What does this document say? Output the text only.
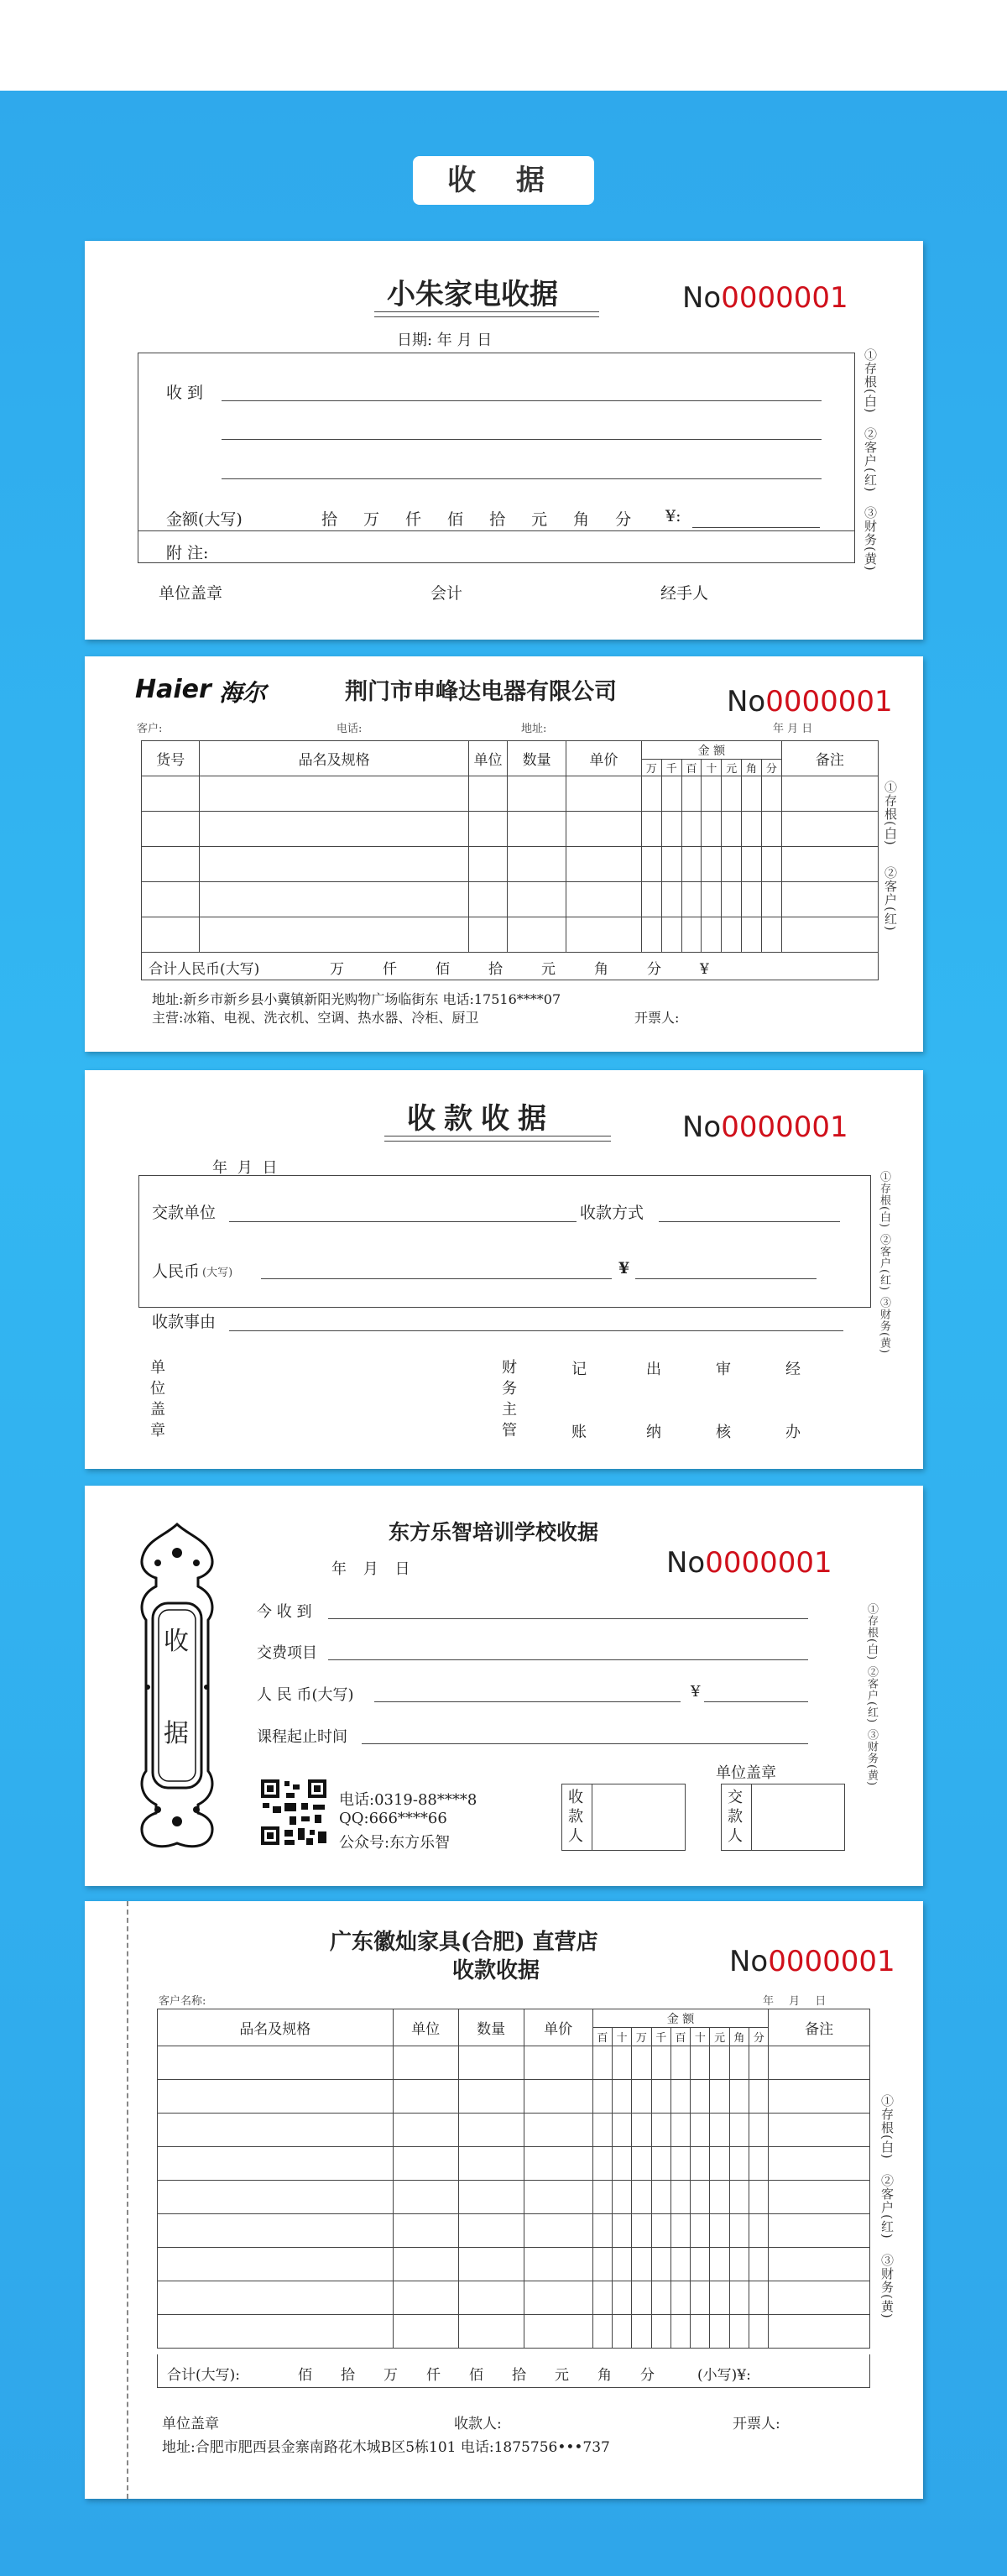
收 据
小朱家电收据	No0000001
日期: 年 月 日
收 到
金额(大写)	拾 万 仟 佰 拾 元 角 分	¥:
附 注:
单位盖章	会计	经手人
①存根(白)
②客户(红)
③财务(黄)
Haier 海尔	荆门市申峰达电器有限公司	No0000001
客户:	电话:	地址:	年 月 日
货号	品名及规格	单位	数量	单价	金 额							备注
					万	千	百	十	元	角	分	

合计人民币(大写)	万	仟	佰	拾	元	角	分	¥
地址:新乡市新乡县小冀镇新阳光购物广场临街东 电话:17516****07
主营:冰箱、电视、洗衣机、空调、热水器、冷柜、厨卫	开票人:
①存根(白)
②客户(红)
收款收据	No0000001
年 月 日
交款单位	收款方式
人民币 (大写)	¥
收款事由
单
位
盖
章
财
务
主
管
记
账
出
纳
审
核
经
办
①存根(白)
②客户(红)
③财务(黄)
收
据
东方乐智培训学校收据
年 月 日	No0000001
今 收 到
交费项目
人 民 币(大写)	¥
课程起止时间
电话:0319-88****8
QQ:666****66
公众号:东方乐智
收款人
单位盖章
交款人
①存根(白)
②客户(红)
③财务(黄)
广东徽灿家具(合肥) 直营店
收款收据	No0000001
客户名称:	年 月 日
品名及规格	单位	数量	单价	金 额									备注
				百	十	万	千	百	十	元	角	分	

合计(大写):	佰 拾 万 仟 佰 拾 元 角 分	(小写)¥:
单位盖章	收款人:	开票人:
地址:合肥市肥西县金寨南路花木城B区5栋101 电话:1875756•••737
①存根(白)
②客户(红)
③财务(黄)
